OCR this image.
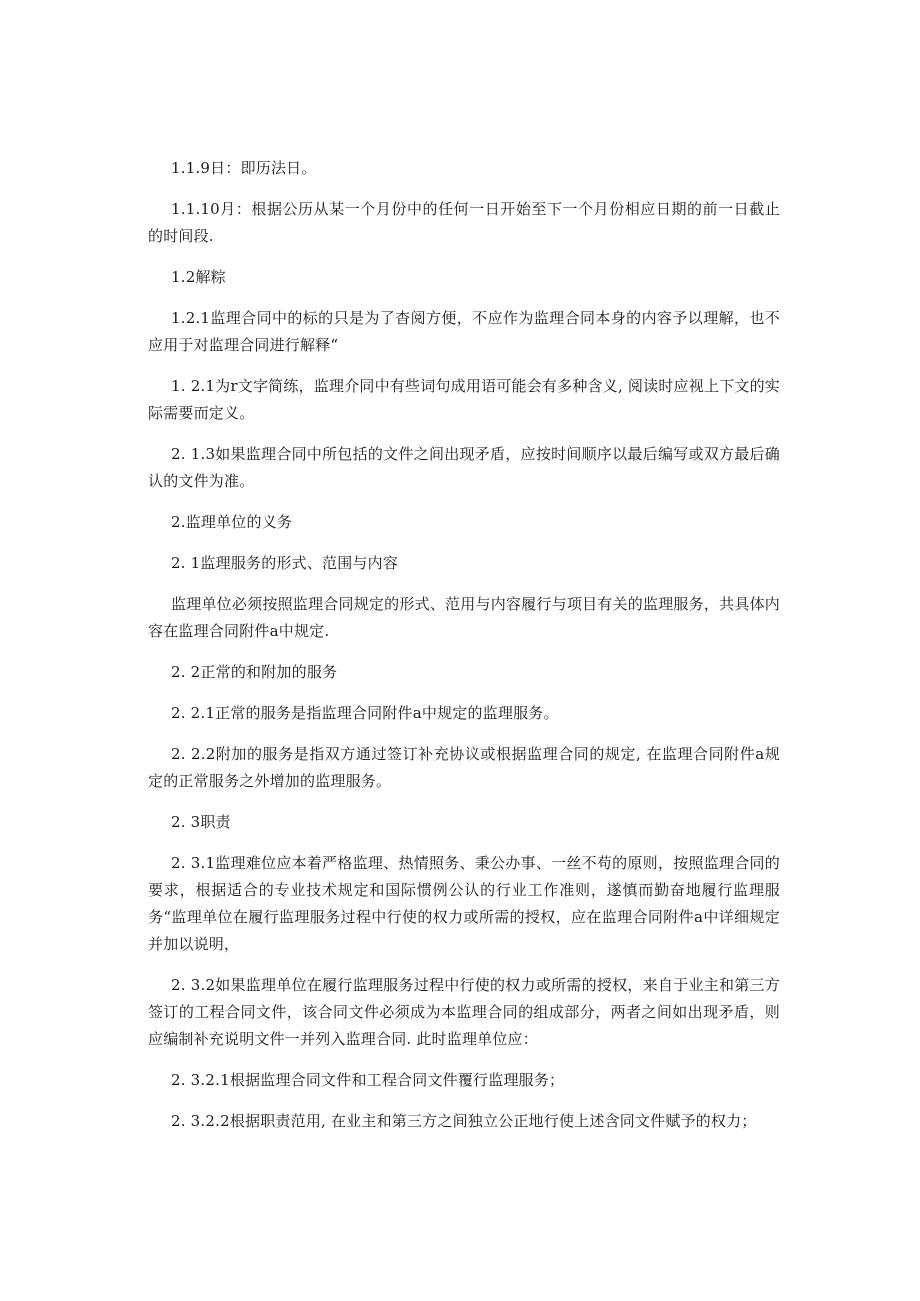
1.1.9日：即历法日。

1.1.10月：根据公历从某一个月份中的任何一日开始至下一个月份相应日期的前一日截止的时间段.

1.2解粽

1.2.1监理合同中的标的只是为了杳阅方便，不应作为监理合同本身的内容予以理解，也不应用于对监理合同进行解释“

1. 2.1为r文字简练，监理介同中有些词句成用语可能会有多种含义, 阅读时应视上下文的实际需要而定义。

2. 1.3如果监理合同中所包括的文件之间出现矛盾，应按时间顺序以最后编写或双方最后确认的文件为准。

2.监理单位的义务

2. 1监理服务的形式、范围与内容

监理单位必须按照监理合同规定的形式、范用与内容履行与项目有关的监理服务，共具体内容在监理合同附件a中规定.

2. 2正常的和附加的服务

2. 2.1正常的服务是指监理合同附件a中规定的监理服务。

2. 2.2附加的服务是指双方通过签订补充协议或根据监理合同的规定, 在监理合同附件a规定的正常服务之外增加的监理服务。

2. 3职责

2. 3.1监理难位应本着严格监理、热情照务、秉公办事、一丝不苟的原则，按照监理合同的要求，根据适合的专业技术规定和国际惯例公认的行业工作准则，遂慎而勤奋地履行监理服务“监理单位在履行监理服务过程中行使的权力或所需的授权，应在监理合同附件a中详细规定并加以说明，

2. 3.2如果监理单位在履行监理服务过程中行使的权力或所需的授权，来自于业主和第三方签订的工程合同文件，该合同文件必须成为本监理合同的组成部分，两者之间如出现矛盾，则应编制补充说明文件一并列入监理合同. 此时监理单位应：

2. 3.2.1根据监理合同文件和工程合同文件覆行监理服务；

2. 3.2.2根据职责范用, 在业主和第三方之间独立公正地行使上述含同文件赋予的权力；
